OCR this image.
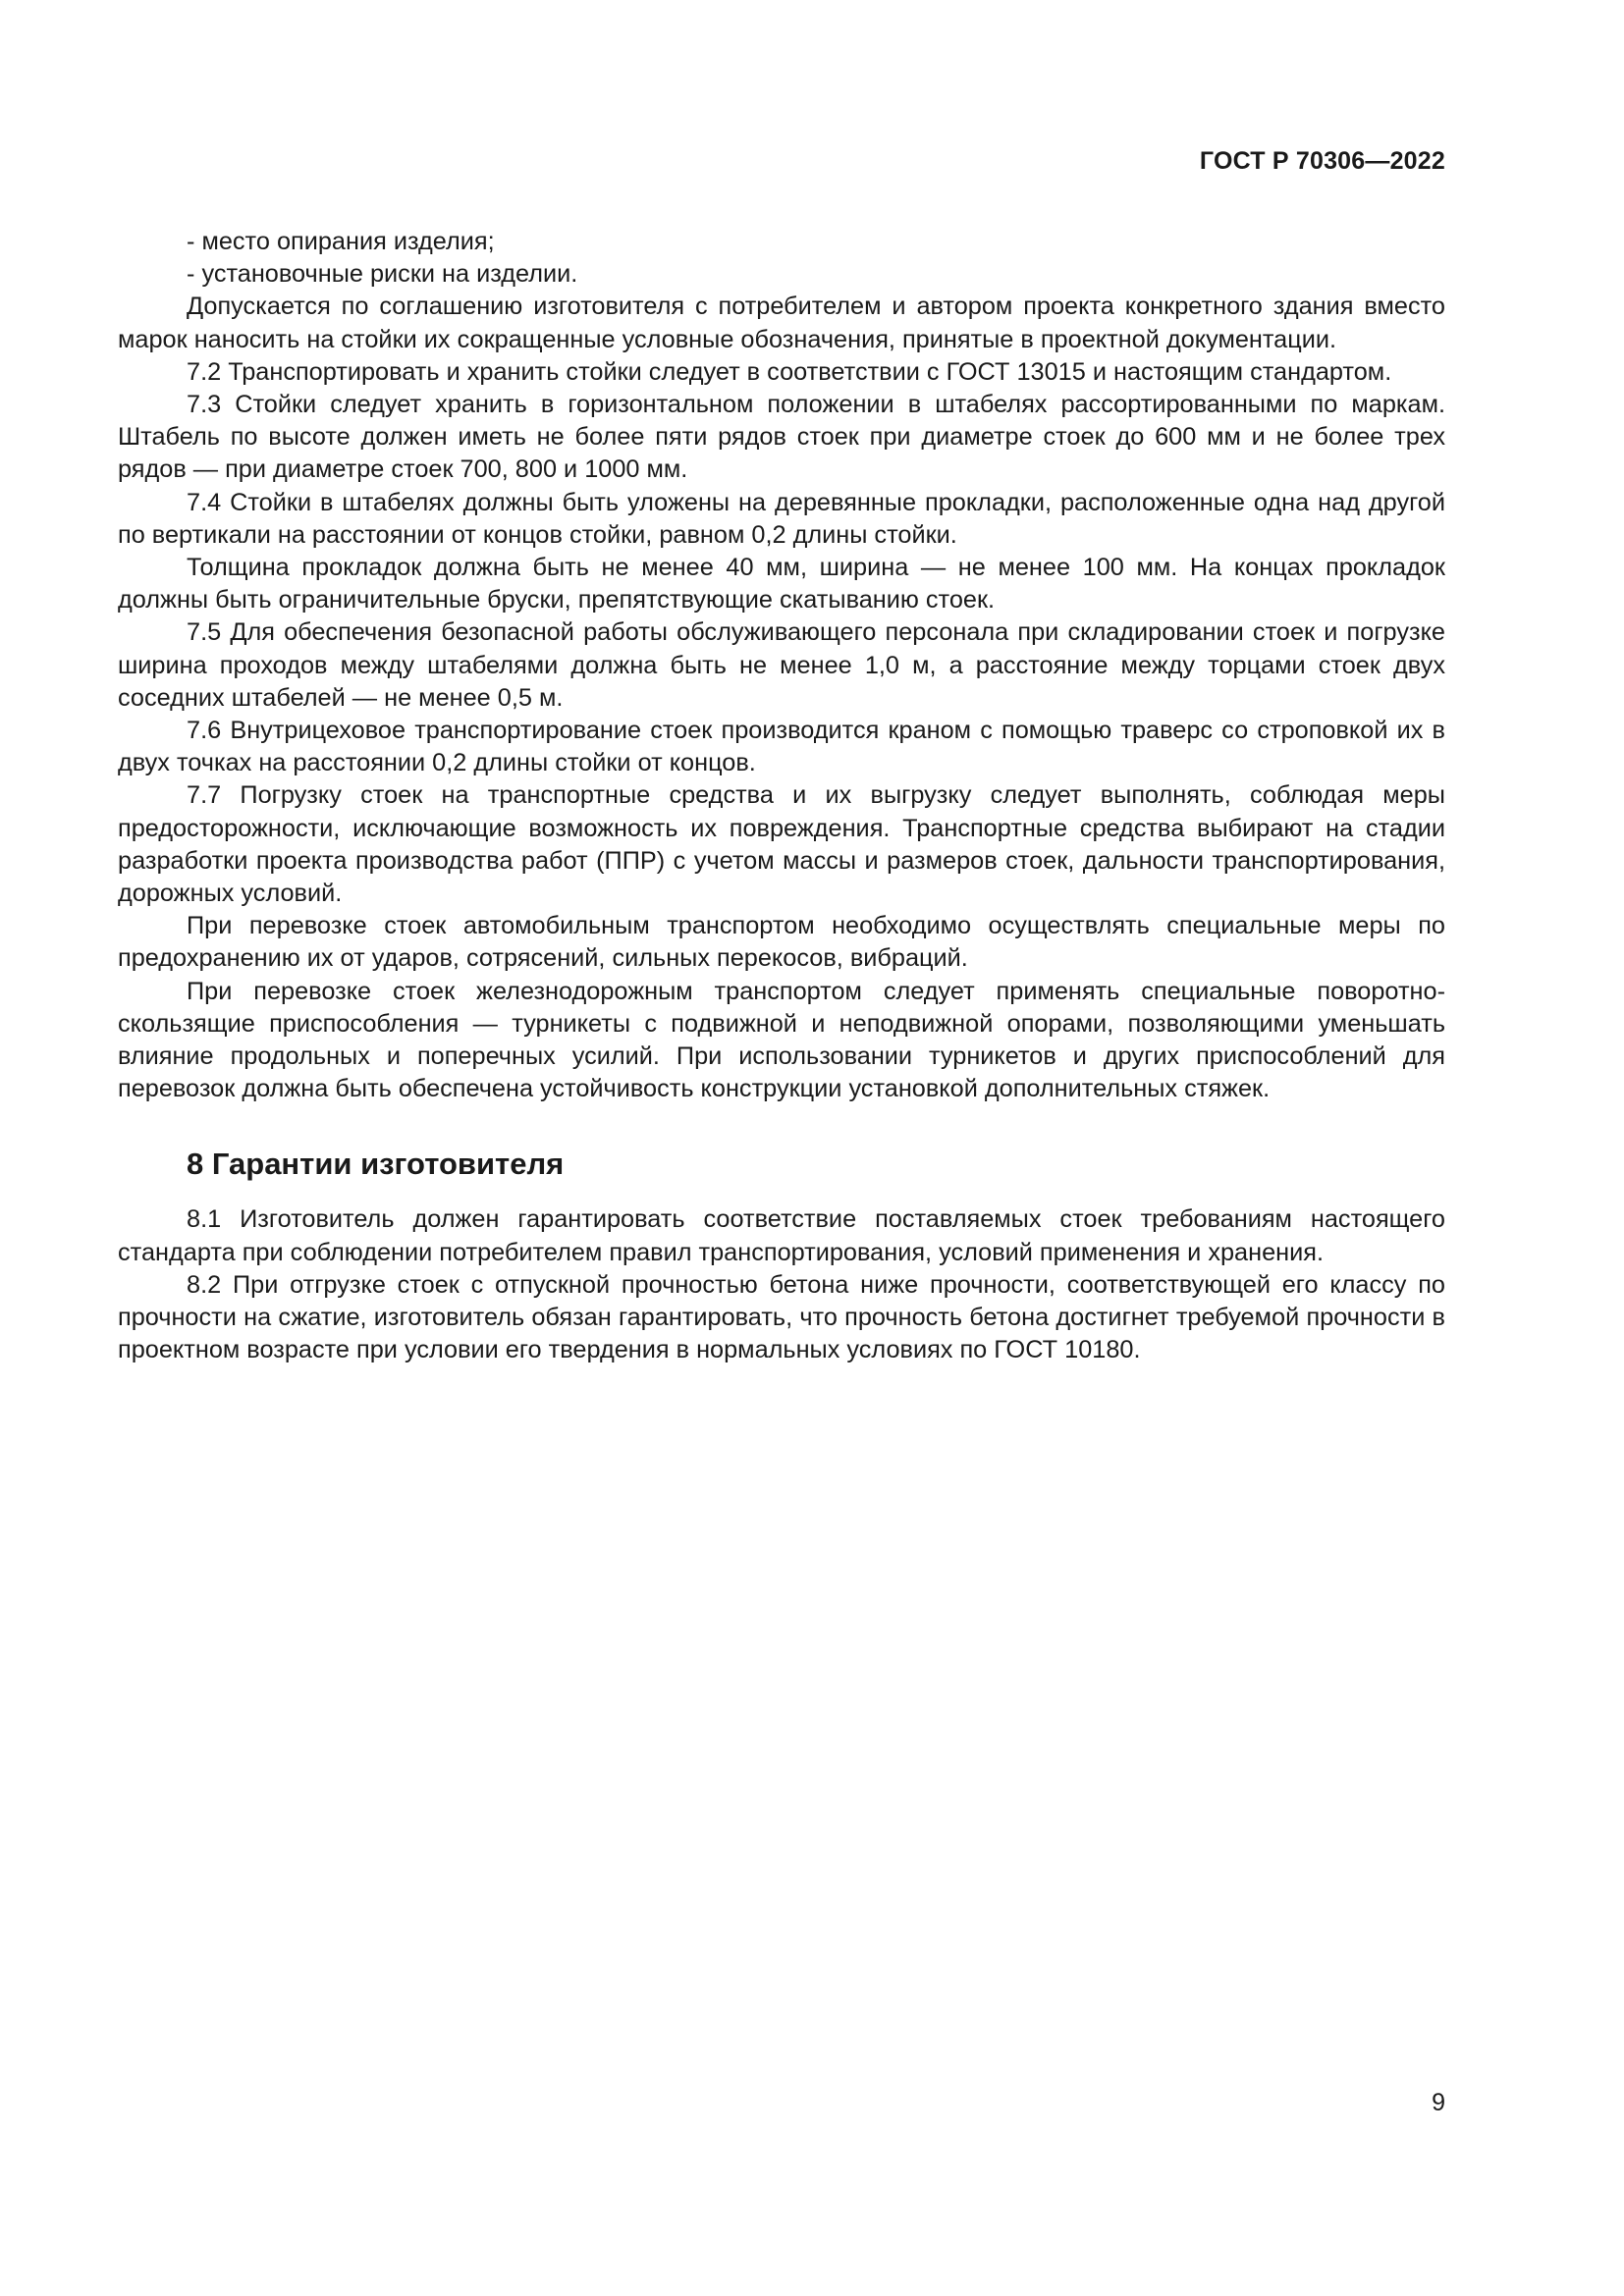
ГОСТ Р 70306—2022

- место опирания изделия;

- установочные риски на изделии.

Допускается по соглашению изготовителя с потребителем и автором проекта конкретного здания вместо марок наносить на стойки их сокращенные условные обозначения, принятые в проектной документации.

7.2 Транспортировать и хранить стойки следует в соответствии с ГОСТ 13015 и настоящим стандартом.

7.3 Стойки следует хранить в горизонтальном положении в штабелях рассортированными по маркам. Штабель по высоте должен иметь не более пяти рядов стоек при диаметре стоек до 600 мм и не более трех рядов — при диаметре стоек 700, 800 и 1000 мм.

7.4 Стойки в штабелях должны быть уложены на деревянные прокладки, расположенные одна над другой по вертикали на расстоянии от концов стойки, равном 0,2 длины стойки.

Толщина прокладок должна быть не менее 40 мм, ширина — не менее 100 мм. На концах прокладок должны быть ограничительные бруски, препятствующие скатыванию стоек.

7.5 Для обеспечения безопасной работы обслуживающего персонала при складировании стоек и погрузке ширина проходов между штабелями должна быть не менее 1,0 м, а расстояние между торцами стоек двух соседних штабелей — не менее 0,5 м.

7.6 Внутрицеховое транспортирование стоек производится краном с помощью траверс со строповкой их в двух точках на расстоянии 0,2 длины стойки от концов.

7.7 Погрузку стоек на транспортные средства и их выгрузку следует выполнять, соблюдая меры предосторожности, исключающие возможность их повреждения. Транспортные средства выбирают на стадии разработки проекта производства работ (ППР) с учетом массы и размеров стоек, дальности транспортирования, дорожных условий.

При перевозке стоек автомобильным транспортом необходимо осуществлять специальные меры по предохранению их от ударов, сотрясений, сильных перекосов, вибраций.

При перевозке стоек железнодорожным транспортом следует применять специальные поворотно-скользящие приспособления — турникеты с подвижной и неподвижной опорами, позволяющими уменьшать влияние продольных и поперечных усилий. При использовании турникетов и других приспособлений для перевозок должна быть обеспечена устойчивость конструкции установкой дополнительных стяжек.

8 Гарантии изготовителя

8.1 Изготовитель должен гарантировать соответствие поставляемых стоек требованиям настоящего стандарта при соблюдении потребителем правил транспортирования, условий применения и хранения.

8.2 При отгрузке стоек с отпускной прочностью бетона ниже прочности, соответствующей его классу по прочности на сжатие, изготовитель обязан гарантировать, что прочность бетона достигнет требуемой прочности в проектном возрасте при условии его твердения в нормальных условиях по ГОСТ 10180.

9
